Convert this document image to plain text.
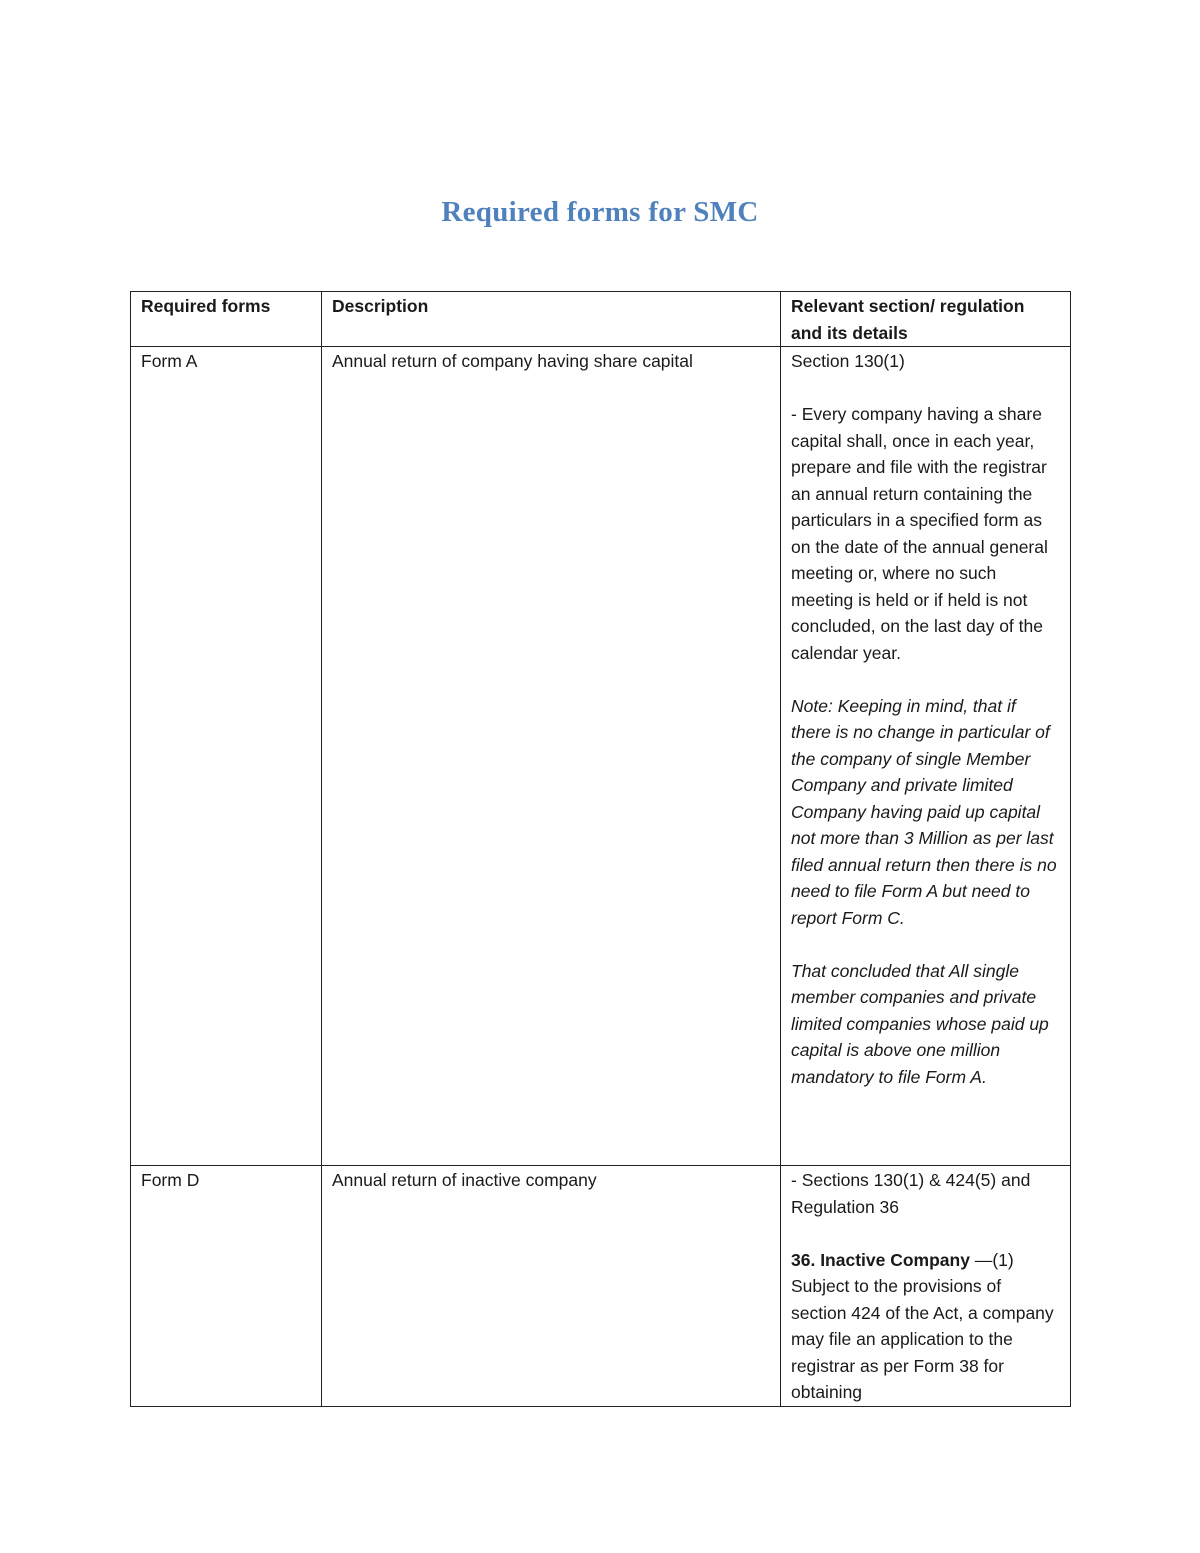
Required forms for SMC
Required forms	Description	Relevant section/ regulation and its details
Form A	Annual return of company having share capital	Section 130(1)

- Every company having a share capital shall, once in each year, prepare and file with the registrar an annual return containing the particulars in a specified form as on the date of the annual general meeting or, where no such meeting is held or if held is not concluded, on the last day of the calendar year.

Note: Keeping in mind, that if there is no change in particular of the company of single Member Company and private limited Company having paid up capital not more than 3 Million as per last filed annual return then there is no need to file Form A but need to report Form C.

That concluded that All single member companies and private limited companies whose paid up capital is above one million mandatory to file Form A.

Form D	Annual return of inactive company	- Sections 130(1) & 424(5) and Regulation 36

36. Inactive Company —(1)
Subject to the provisions of section 424 of the Act, a company may file an application to the registrar as per Form 38 for obtaining
